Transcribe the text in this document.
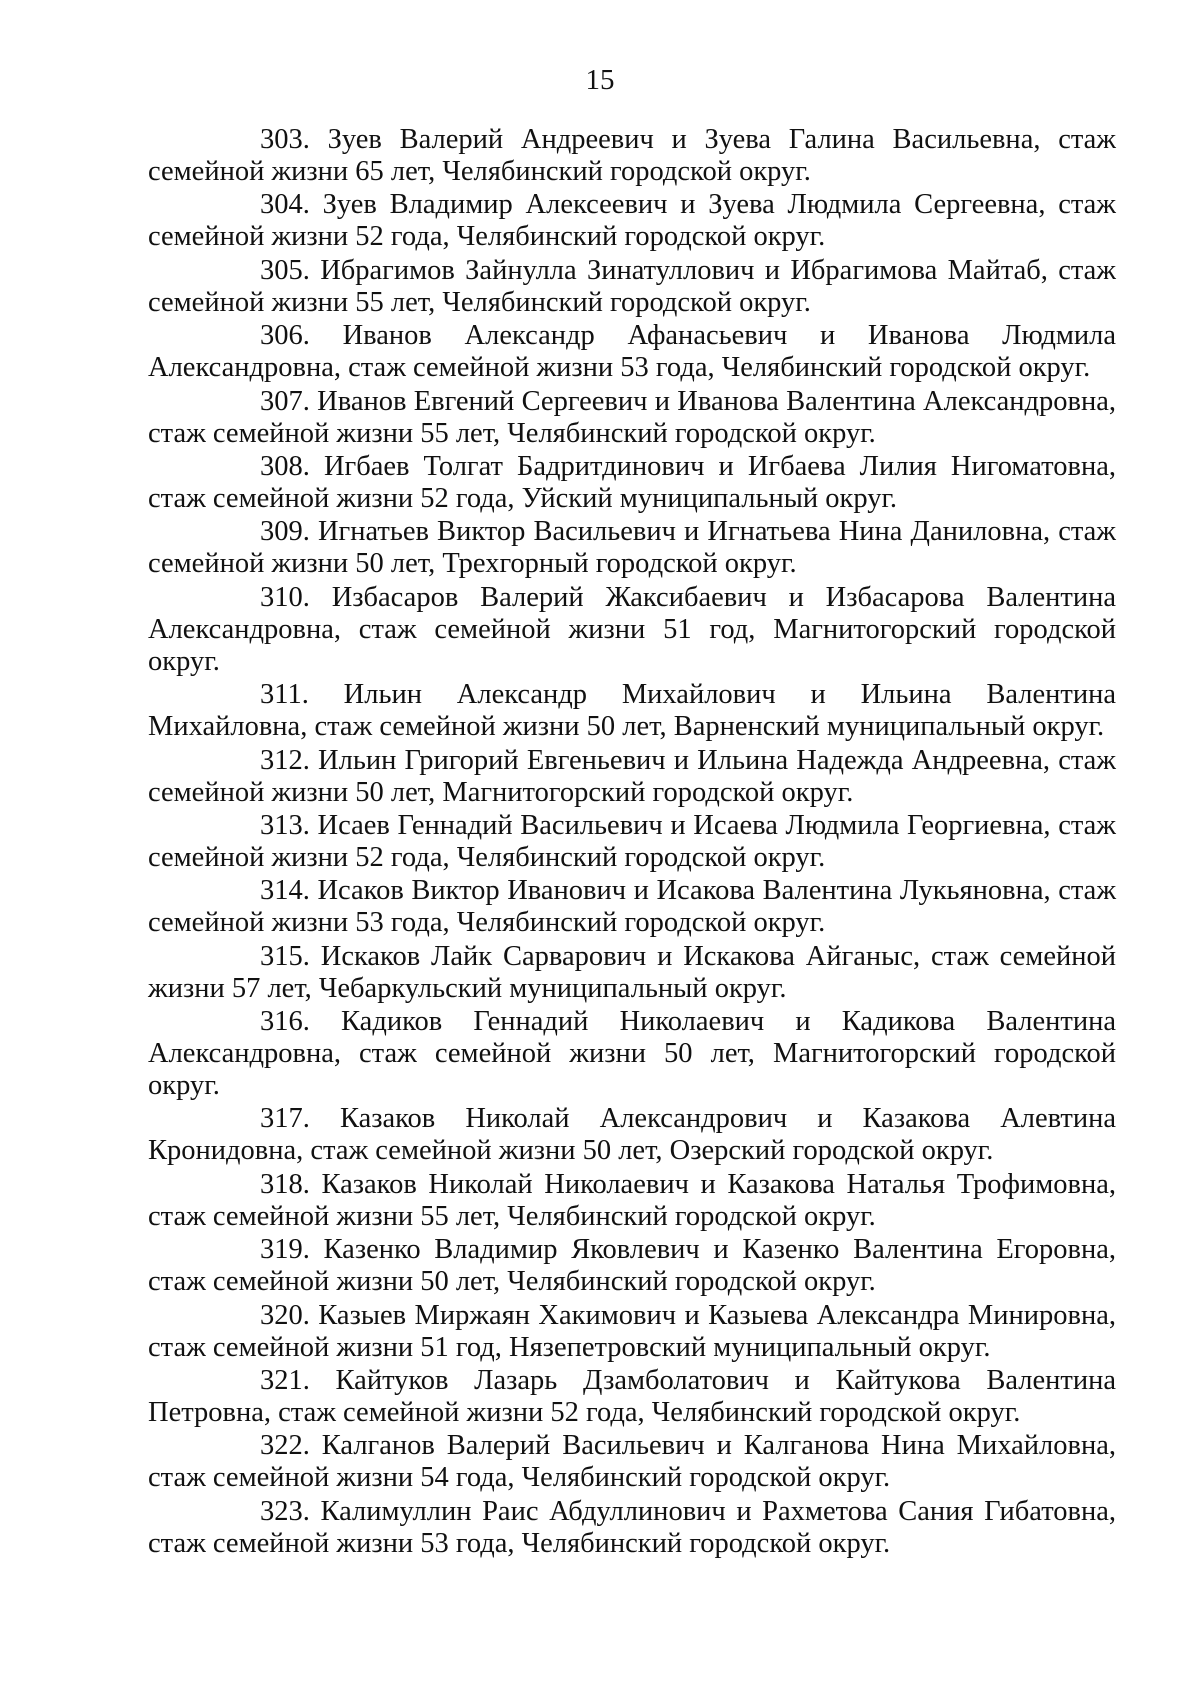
15

303. Зуев Валерий Андреевич и Зуева Галина Васильевна, стаж семейной жизни 65 лет, Челябинский городской округ.

304. Зуев Владимир Алексеевич и Зуева Людмила Сергеевна, стаж семейной жизни 52 года, Челябинский городской округ.

305. Ибрагимов Зайнулла Зинатуллович и Ибрагимова Майтаб, стаж семейной жизни 55 лет, Челябинский городской округ.

306. Иванов Александр Афанасьевич и Иванова Людмила Александровна, стаж семейной жизни 53 года, Челябинский городской округ.

307. Иванов Евгений Сергеевич и Иванова Валентина Александровна, стаж семейной жизни 55 лет, Челябинский городской округ.

308. Игбаев Толгат Бадритдинович и Игбаева Лилия Нигоматовна, стаж семейной жизни 52 года, Уйский муниципальный округ.

309. Игнатьев Виктор Васильевич и Игнатьева Нина Даниловна, стаж семейной жизни 50 лет, Трехгорный городской округ.

310. Избасаров Валерий Жаксибаевич и Избасарова Валентина Александровна, стаж семейной жизни 51 год, Магнитогорский городской округ.

311. Ильин Александр Михайлович и Ильина Валентина Михайловна, стаж семейной жизни 50 лет, Варненский муниципальный округ.

312. Ильин Григорий Евгеньевич и Ильина Надежда Андреевна, стаж семейной жизни 50 лет, Магнитогорский городской округ.

313. Исаев Геннадий Васильевич и Исаева Людмила Георгиевна, стаж семейной жизни 52 года, Челябинский городской округ.

314. Исаков Виктор Иванович и Исакова Валентина Лукьяновна, стаж семейной жизни 53 года, Челябинский городской округ.

315. Искаков Лайк Сарварович и Искакова Айганыс, стаж семейной жизни 57 лет, Чебаркульский муниципальный округ.

316. Кадиков Геннадий Николаевич и Кадикова Валентина Александровна, стаж семейной жизни 50 лет, Магнитогорский городской округ.

317. Казаков Николай Александрович и Казакова Алевтина Кронидовна, стаж семейной жизни 50 лет, Озерский городской округ.

318. Казаков Николай Николаевич и Казакова Наталья Трофимовна, стаж семейной жизни 55 лет, Челябинский городской округ.

319. Казенко Владимир Яковлевич и Казенко Валентина Егоровна, стаж семейной жизни 50 лет, Челябинский городской округ.

320. Казыев Миржаян Хакимович и Казыева Александра Минировна, стаж семейной жизни 51 год, Нязепетровский муниципальный округ.

321. Кайтуков Лазарь Дзамболатович и Кайтукова Валентина Петровна, стаж семейной жизни 52 года, Челябинский городской округ.

322. Калганов Валерий Васильевич и Калганова Нина Михайловна, стаж семейной жизни 54 года, Челябинский городской округ.

323. Калимуллин Раис Абдуллинович и Рахметова Сания Гибатовна, стаж семейной жизни 53 года, Челябинский городской округ.
